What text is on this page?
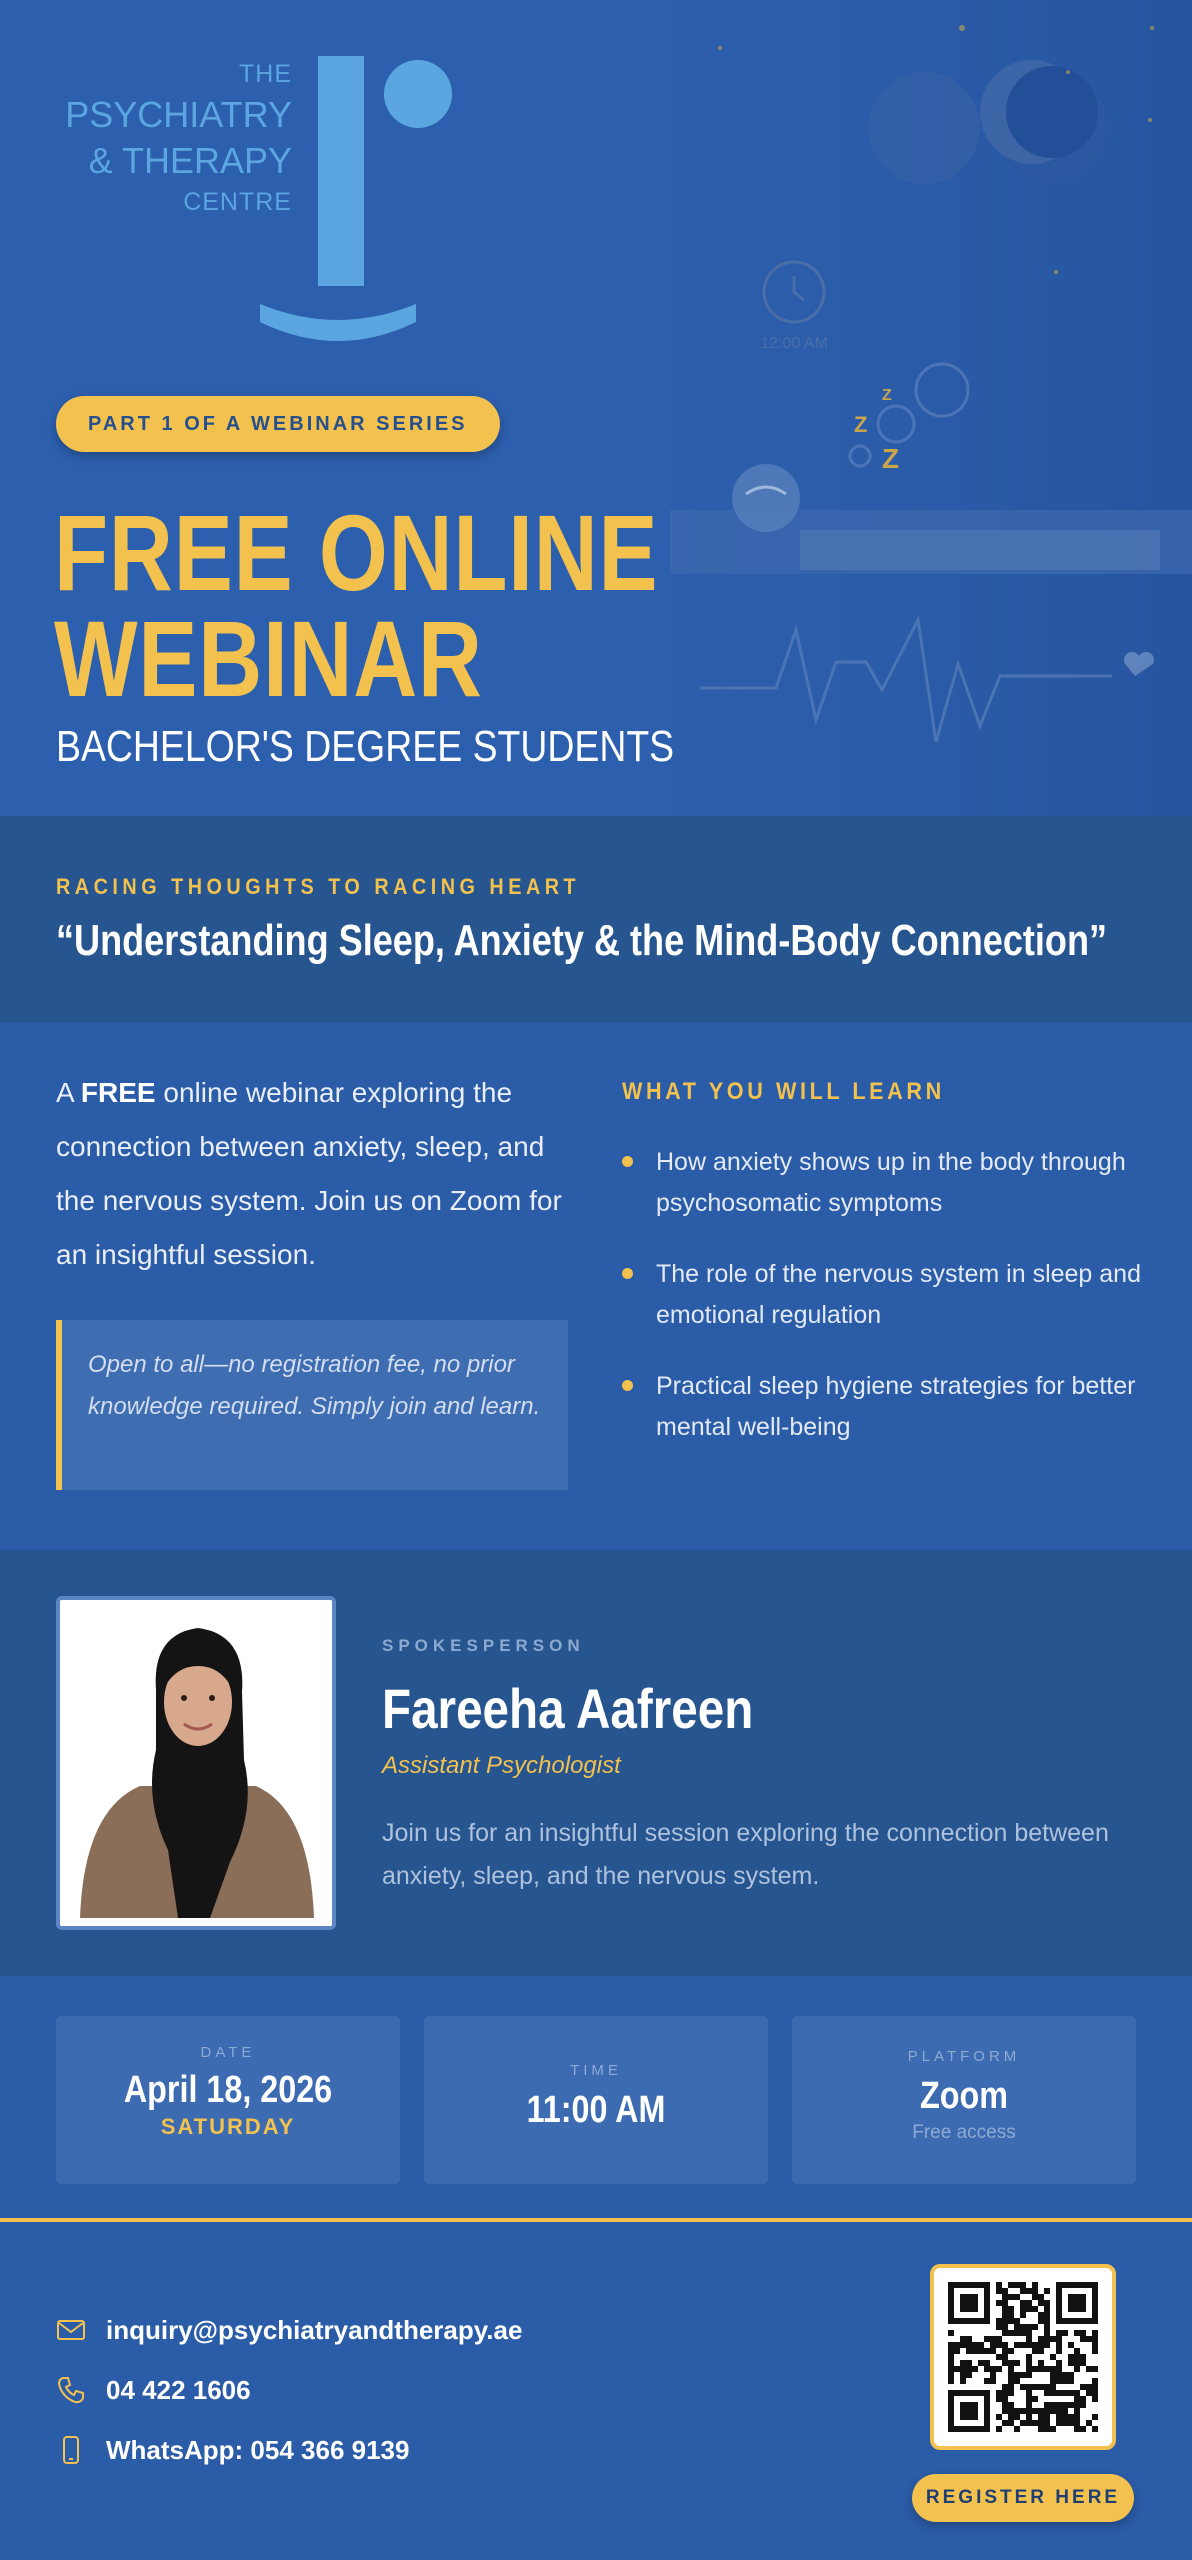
12:00 AM
Z
Z
Z
THE
PSYCHIATRY
& THERAPY
CENTRE
PART 1 OF A WEBINAR SERIES
FREE ONLINE
WEBINAR
BACHELOR'S DEGREE STUDENTS
RACING THOUGHTS TO RACING HEART
“Understanding Sleep, Anxiety & the Mind-Body Connection”

A FREE online webinar exploring the connection between anxiety, sleep, and the nervous system. Join us on Zoom for an insightful session.

Open to all—no registration fee, no prior knowledge required. Simply join and learn.
WHAT YOU WILL LEARN
How anxiety shows up in the body through psychosomatic symptoms
The role of the nervous system in sleep and emotional regulation
Practical sleep hygiene strategies for better mental well-being
SPOKESPERSON
Fareeha Aafreen
Assistant Psychologist
Join us for an insightful session exploring the connection between anxiety, sleep, and the nervous system.
DATE
April 18, 2026
SATURDAY
TIME
11:00 AM
PLATFORM
Zoom
Free access
inquiry@psychiatryandtherapy.ae
04 422 1606
WhatsApp: 054 366 9139
REGISTER HERE
